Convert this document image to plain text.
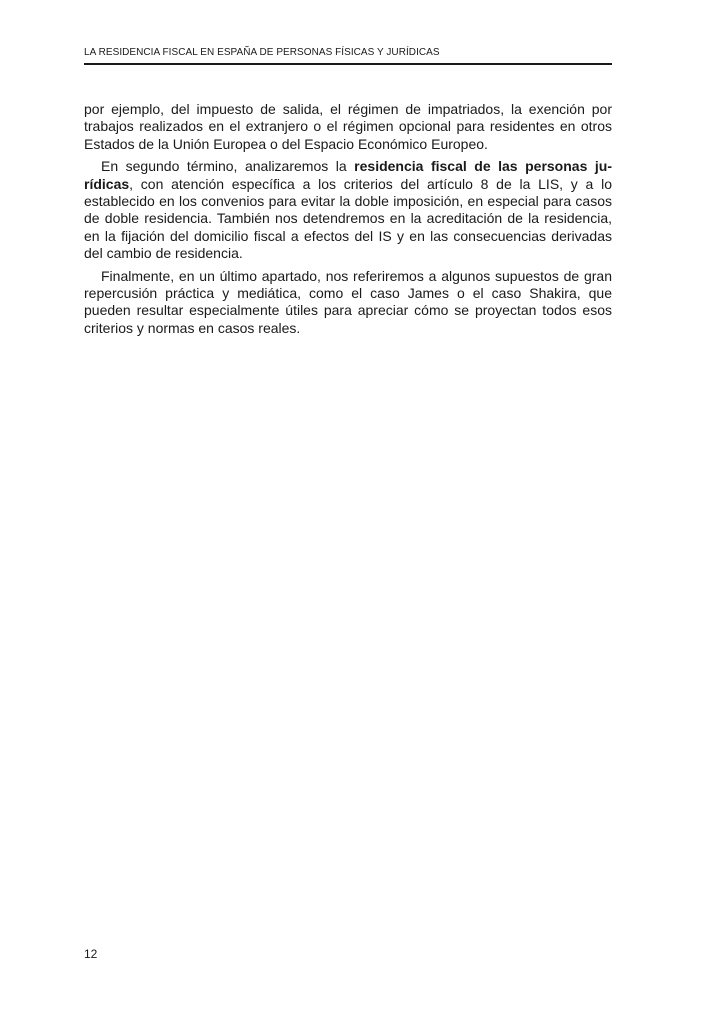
LA RESIDENCIA FISCAL EN ESPAÑA DE PERSONAS FÍSICAS Y JURÍDICAS

por ejemplo, del impuesto de salida, el régimen de impatriados, la exención por trabajos realizados en el extranjero o el régimen opcional para residentes en otros Estados de la Unión Europea o del Espacio Económico Europeo.

En segundo término, analizaremos la residencia fiscal de las personas jurídicas, con atención específica a los criterios del artículo 8 de la LIS, y a lo establecido en los convenios para evitar la doble imposición, en especial para casos de doble residencia. También nos detendremos en la acreditación de la residencia, en la fijación del domicilio fiscal a efectos del IS y en las consecuencias derivadas del cambio de residencia.

Finalmente, en un último apartado, nos referiremos a algunos supuestos de gran repercusión práctica y mediática, como el caso James o el caso Shakira, que pueden resultar especialmente útiles para apreciar cómo se proyectan todos esos criterios y normas en casos reales.

12
